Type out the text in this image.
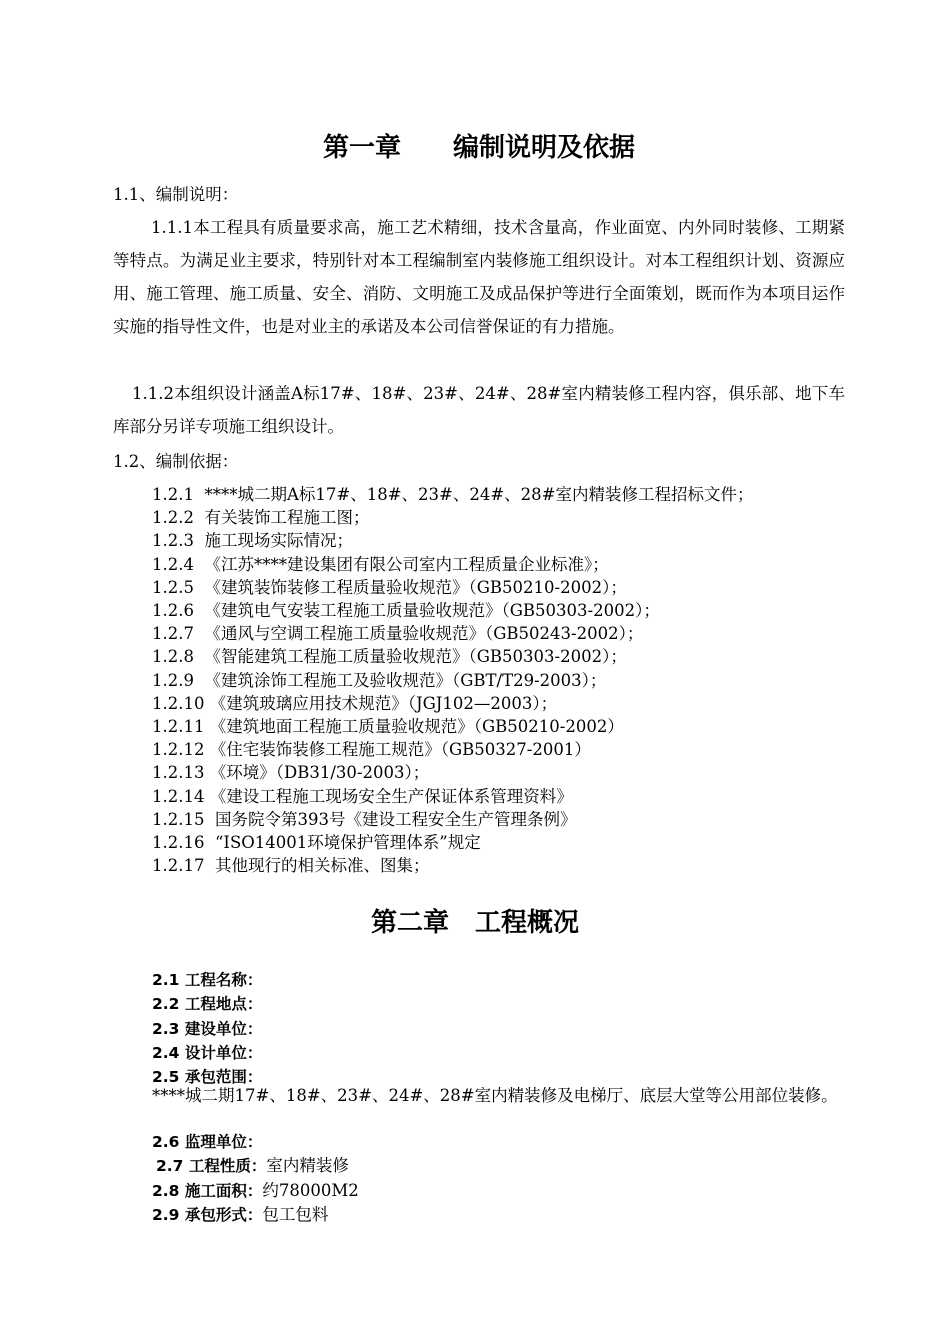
第一章　　编制说明及依据
1.1、编制说明：

1.1.1本工程具有质量要求高，施工艺术精细，技术含量高，作业面宽、内外同时装修、工期紧等特点。为满足业主要求，特别针对本工程编制室内装修施工组织设计。对本工程组织计划、资源应用、施工管理、施工质量、安全、消防、文明施工及成品保护等进行全面策划，既而作为本项目运作实施的指导性文件，也是对业主的承诺及本公司信誉保证的有力措施。

1.1.2本组织设计涵盖A标17#、18#、23#、24#、28#室内精装修工程内容，俱乐部、地下车库部分另详专项施工组织设计。

1.2、编制依据：
1.2.1 ****城二期A标17#、18#、23#、24#、28#室内精装修工程招标文件；
1.2.2 有关装饰工程施工图；
1.2.3 施工现场实际情况；
1.2.4 《江苏****建设集团有限公司室内工程质量企业标准》；
1.2.5 《建筑装饰装修工程质量验收规范》（GB50210-2002）；
1.2.6 《建筑电气安装工程施工质量验收规范》（GB50303-2002）；
1.2.7 《通风与空调工程施工质量验收规范》（GB50243-2002）；
1.2.8 《智能建筑工程施工质量验收规范》（GB50303-2002）；
1.2.9 《建筑涂饰工程施工及验收规范》（GBT/T29-2003）；
1.2.10 《建筑玻璃应用技术规范》（JGJ102—2003）；
1.2.11 《建筑地面工程施工质量验收规范》（GB50210-2002）
1.2.12 《住宅装饰装修工程施工规范》（GB50327-2001）
1.2.13 《环境》（DB31/30-2003）；
1.2.14 《建设工程施工现场安全生产保证体系管理资料》
1.2.15 国务院令第393号《建设工程安全生产管理条例》
1.2.16 “ISO14001环境保护管理体系”规定
1.2.17 其他现行的相关标准、图集；
第二章　工程概况
2.1 工程名称：
2.2 工程地点：
2.3 建设单位：
2.4 设计单位：
2.5 承包范围：

****城二期17#、18#、23#、24#、28#室内精装修及电梯厅、底层大堂等公用部位装修。

2.6 监理单位：
2.7 工程性质：室内精装修
2.8 施工面积：约78000M2
2.9 承包形式：包工包料
